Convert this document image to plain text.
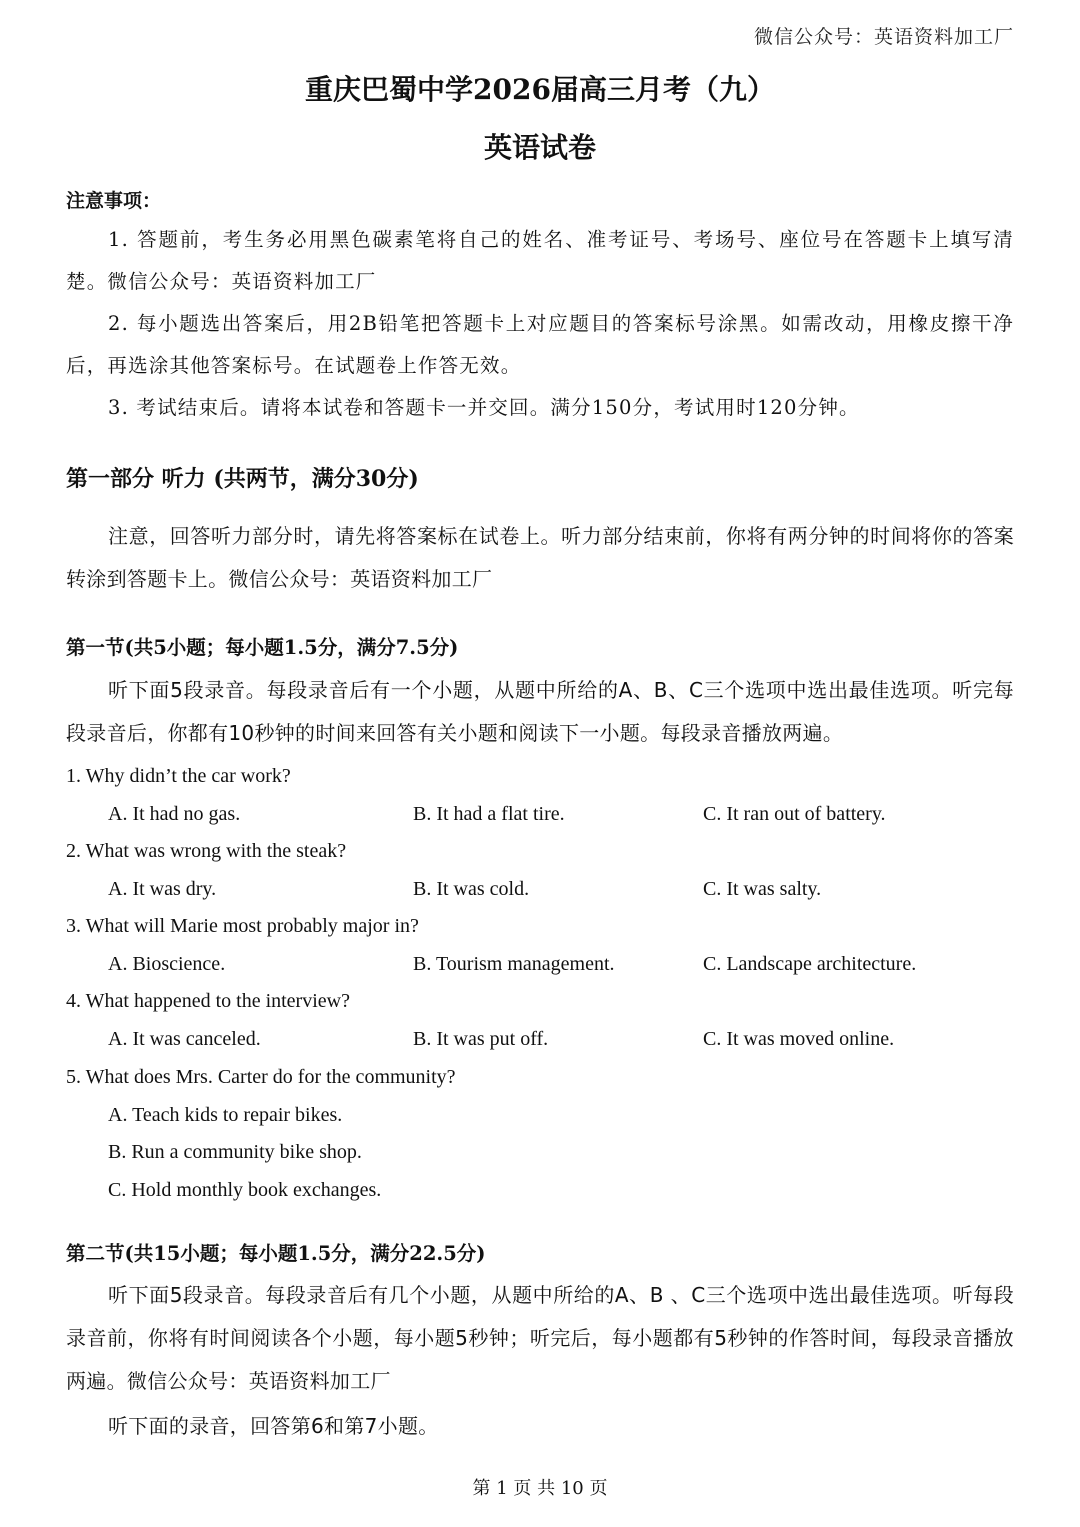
微信公众号：英语资料加工厂
重庆巴蜀中学2026届高三月考（九）
英语试卷
注意事项：
1. 答题前，考生务必用黑色碳素笔将自己的姓名、准考证号、考场号、座位号在答题卡上填写清楚。微信公众号：英语资料加工厂
2. 每小题选出答案后，用2B铅笔把答题卡上对应题目的答案标号涂黑。如需改动，用橡皮擦干净后，再选涂其他答案标号。在试题卷上作答无效。
3. 考试结束后。请将本试卷和答题卡一并交回。满分150分，考试用时120分钟。
第一部分 听力 (共两节，满分30分)
注意，回答听力部分时，请先将答案标在试卷上。听力部分结束前，你将有两分钟的时间将你的答案转涂到答题卡上。微信公众号：英语资料加工厂
第一节(共5小题；每小题1.5分，满分7.5分)
听下面5段录音。每段录音后有一个小题，从题中所给的A、B、C三个选项中选出最佳选项。听完每段录音后，你都有10秒钟的时间来回答有关小题和阅读下一小题。每段录音播放两遍。
1. Why didn’t the car work?
A. It had no gas.	B. It had a flat tire.	C. It ran out of battery.
2. What was wrong with the steak?
A. It was dry.	B. It was cold.	C. It was salty.
3. What will Marie most probably major in?
A. Bioscience.	B. Tourism management.	C. Landscape architecture.
4. What happened to the interview?
A. It was canceled.	B. It was put off.	C. It was moved online.
5. What does Mrs. Carter do for the community?
A. Teach kids to repair bikes.
B. Run a community bike shop.
C. Hold monthly book exchanges.
第二节(共15小题；每小题1.5分，满分22.5分)
听下面5段录音。每段录音后有几个小题，从题中所给的A、B 、C三个选项中选出最佳选项。听每段录音前，你将有时间阅读各个小题，每小题5秒钟；听完后，每小题都有5秒钟的作答时间，每段录音播放两遍。微信公众号：英语资料加工厂
听下面的录音，回答第6和第7小题。
第 1 页 共 10 页
